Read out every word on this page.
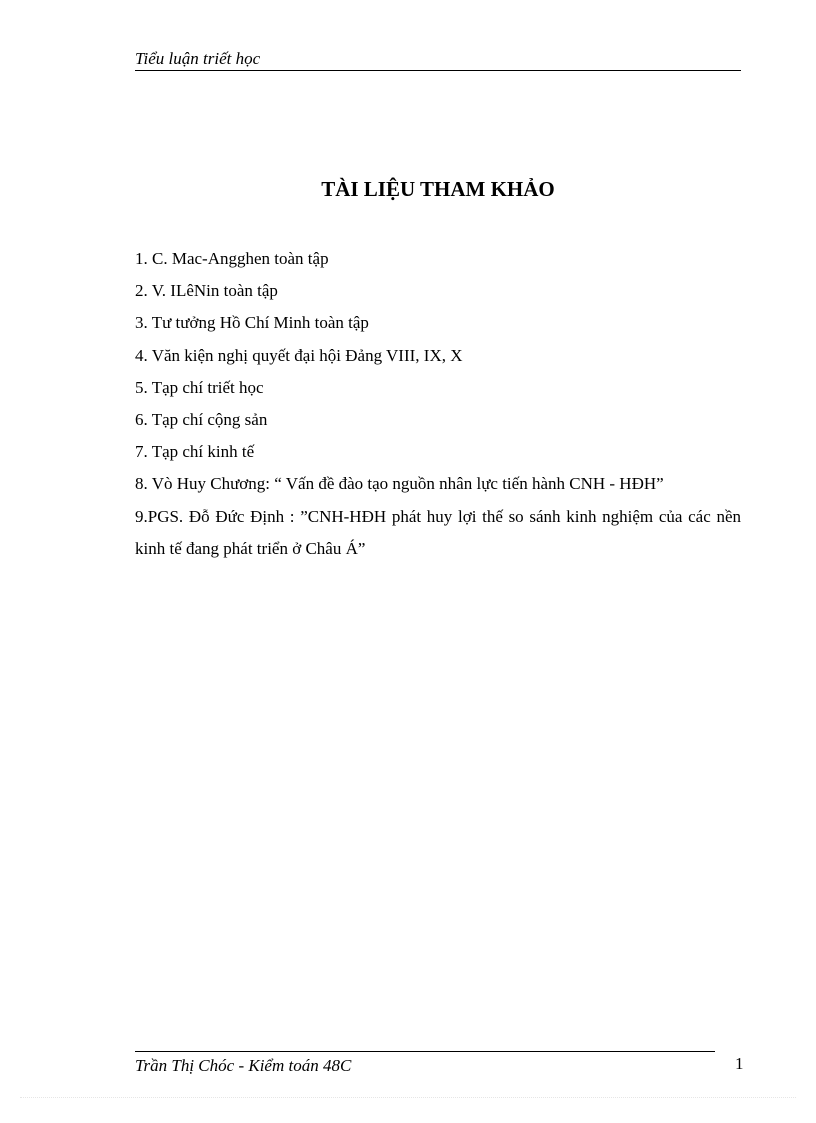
Tiểu luận triết học
TÀI LIỆU THAM KHẢO
1. C. Mac-Angghen toàn tập
2. V. ILêNin toàn tập
3. Tư tưởng Hồ Chí Minh toàn tập
4. Văn kiện nghị quyết đại hội Đảng VIII, IX, X
5. Tạp chí triết học
6. Tạp chí cộng sản
7. Tạp chí kinh tế
8. Vò Huy Chương: “ Vấn đề đào tạo nguồn nhân lực tiến hành CNH - HĐH”
9.PGS. Đỗ Đức Định : ”CNH-HĐH phát huy lợi thế so sánh kinh nghiệm của các nền kinh tế đang phát triển ở Châu Á”
Trần Thị Chóc - Kiểm toán 48C	1
